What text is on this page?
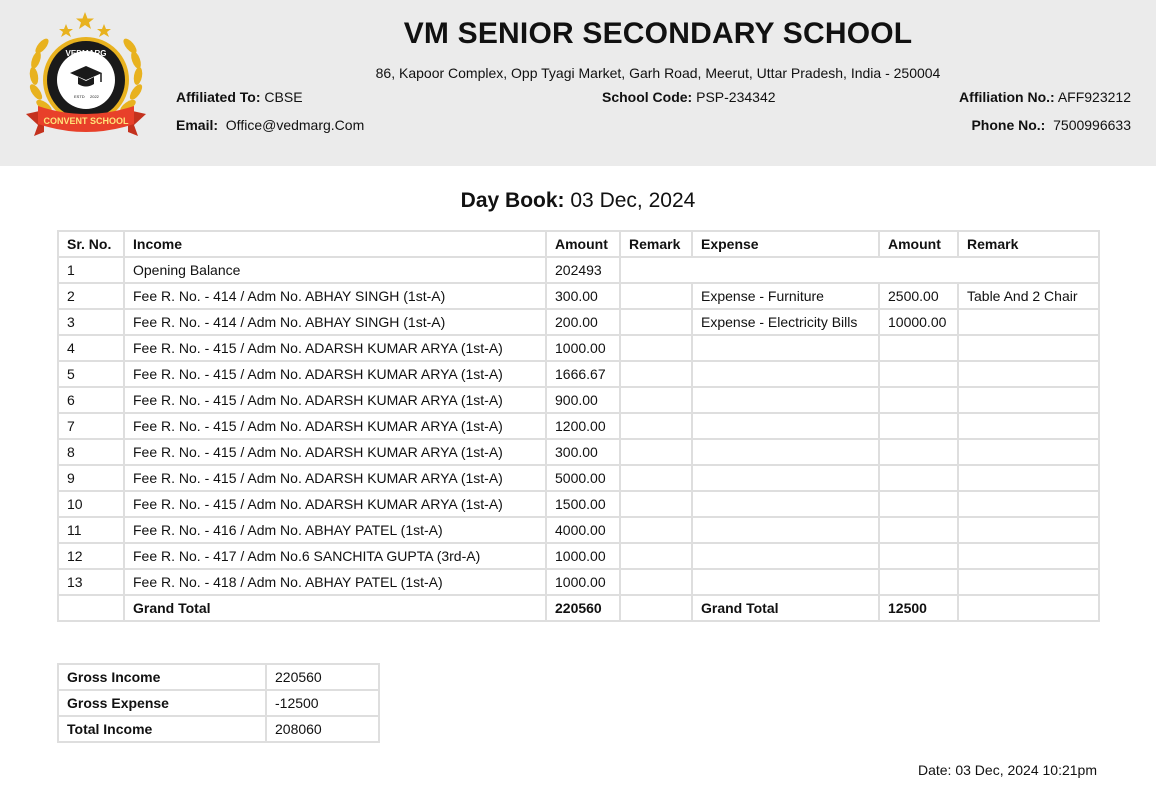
VEDMARG
ESTD 2022
CONVENT SCHOOL
VM SENIOR SECONDARY SCHOOL
86, Kapoor Complex, Opp Tyagi Market, Garh Road, Meerut, Uttar Pradesh, India - 250004
Affiliated To: CBSE	School Code: PSP-234342	Affiliation No.: AFF923212
Email: Office@vedmarg.Com	Phone No.: 7500996633
Day Book: 03 Dec, 2024
Sr. No.	Income	Amount	Remark	Expense	Amount	Remark
1	Opening Balance	202493				
2	Fee R. No. - 414 / Adm No. ABHAY SINGH (1st-A)	300.00		Expense - Furniture	2500.00	Table And 2 Chair
3	Fee R. No. - 414 / Adm No. ABHAY SINGH (1st-A)	200.00		Expense - Electricity Bills	10000.00	
4	Fee R. No. - 415 / Adm No. ADARSH KUMAR ARYA (1st-A)	1000.00				
5	Fee R. No. - 415 / Adm No. ADARSH KUMAR ARYA (1st-A)	1666.67				
6	Fee R. No. - 415 / Adm No. ADARSH KUMAR ARYA (1st-A)	900.00				
7	Fee R. No. - 415 / Adm No. ADARSH KUMAR ARYA (1st-A)	1200.00				
8	Fee R. No. - 415 / Adm No. ADARSH KUMAR ARYA (1st-A)	300.00				
9	Fee R. No. - 415 / Adm No. ADARSH KUMAR ARYA (1st-A)	5000.00				
10	Fee R. No. - 415 / Adm No. ADARSH KUMAR ARYA (1st-A)	1500.00				
11	Fee R. No. - 416 / Adm No. ABHAY PATEL (1st-A)	4000.00				
12	Fee R. No. - 417 / Adm No.6 SANCHITA GUPTA (3rd-A)	1000.00				
13	Fee R. No. - 418 / Adm No. ABHAY PATEL (1st-A)	1000.00				
	Grand Total	220560		Grand Total	12500	
Gross Income	220560
Gross Expense	-12500
Total Income	208060
Date: 03 Dec, 2024 10:21pm
